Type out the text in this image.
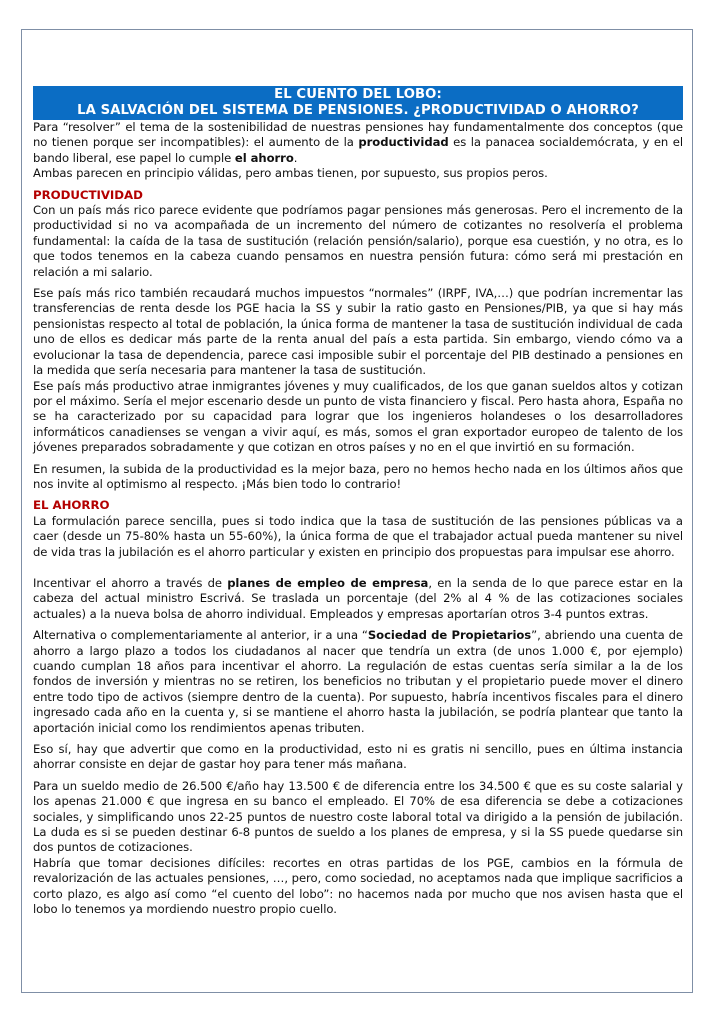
EL CUENTO DEL LOBO:
LA SALVACIÓN DEL SISTEMA DE PENSIONES. ¿PRODUCTIVIDAD O AHORRO?

Para “resolver” el tema de la sostenibilidad de nuestras pensiones hay fundamentalmente dos conceptos (que no tienen porque ser incompatibles): el aumento de la productividad es la panacea socialdemócrata, y en el bando liberal, ese papel lo cumple el ahorro.

Ambas parecen en principio válidas, pero ambas tienen, por supuesto, sus propios peros.

PRODUCTIVIDAD

Con un país más rico parece evidente que podríamos pagar pensiones más generosas. Pero el incremento de la productividad si no va acompañada de un incremento del número de cotizantes no resolvería el problema fundamental: la caída de la tasa de sustitución (relación pensión/salario), porque esa cuestión, y no otra, es lo que todos tenemos en la cabeza cuando pensamos en nuestra pensión futura: cómo será mi prestación en relación a mi salario.

Ese país más rico también recaudará muchos impuestos “normales” (IRPF, IVA,…) que podrían incrementar las transferencias de renta desde los PGE hacia la SS y subir la ratio gasto en Pensiones/PIB, ya que si hay más pensionistas respecto al total de población, la única forma de mantener la tasa de sustitución individual de cada uno de ellos es dedicar más parte de la renta anual del país a esta partida. Sin embargo, viendo cómo va a evolucionar la tasa de dependencia, parece casi imposible subir el porcentaje del PIB destinado a pensiones en la medida que sería necesaria para mantener la tasa de sustitución.

Ese país más productivo atrae inmigrantes jóvenes y muy cualificados, de los que ganan sueldos altos y cotizan por el máximo. Sería el mejor escenario desde un punto de vista financiero y fiscal. Pero hasta ahora, España no se ha caracterizado por su capacidad para lograr que los ingenieros holandeses o los desarrolladores informáticos canadienses se vengan a vivir aquí, es más, somos el gran exportador europeo de talento de los jóvenes preparados sobradamente y que cotizan en otros países y no en el que invirtió en su formación.

En resumen, la subida de la productividad es la mejor baza, pero no hemos hecho nada en los últimos años que nos invite al optimismo al respecto. ¡Más bien todo lo contrario!

EL AHORRO

La formulación parece sencilla, pues si todo indica que la tasa de sustitución de las pensiones públicas va a caer (desde un 75-80% hasta un 55-60%), la única forma de que el trabajador actual pueda mantener su nivel de vida tras la jubilación es el ahorro particular y existen en principio dos propuestas para impulsar ese ahorro.

Incentivar el ahorro a través de planes de empleo de empresa, en la senda de lo que parece estar en la cabeza del actual ministro Escrivá. Se traslada un porcentaje (del 2% al 4 % de las cotizaciones sociales actuales) a la nueva bolsa de ahorro individual. Empleados y empresas aportarían otros 3-4 puntos extras.

Alternativa o complementariamente al anterior, ir a una “Sociedad de Propietarios”, abriendo una cuenta de ahorro a largo plazo a todos los ciudadanos al nacer que tendría un extra (de unos 1.000 €, por ejemplo) cuando cumplan 18 años para incentivar el ahorro. La regulación de estas cuentas sería similar a la de los fondos de inversión y mientras no se retiren, los beneficios no tributan y el propietario puede mover el dinero entre todo tipo de activos (siempre dentro de la cuenta). Por supuesto, habría incentivos fiscales para el dinero ingresado cada año en la cuenta y, si se mantiene el ahorro hasta la jubilación, se podría plantear que tanto la aportación inicial como los rendimientos apenas tributen.

Eso sí, hay que advertir que como en la productividad, esto ni es gratis ni sencillo, pues en última instancia ahorrar consiste en dejar de gastar hoy para tener más mañana.

Para un sueldo medio de 26.500 €/año hay 13.500 € de diferencia entre los 34.500 € que es su coste salarial y los apenas 21.000 € que ingresa en su banco el empleado. El 70% de esa diferencia se debe a cotizaciones sociales, y simplificando unos 22-25 puntos de nuestro coste laboral total va dirigido a la pensión de jubilación. La duda es si se pueden destinar 6-8 puntos de sueldo a los planes de empresa, y si la SS puede quedarse sin dos puntos de cotizaciones.

Habría que tomar decisiones difíciles: recortes en otras partidas de los PGE, cambios en la fórmula de revalorización de las actuales pensiones, …, pero, como sociedad, no aceptamos nada que implique sacrificios a corto plazo, es algo así como “el cuento del lobo”: no hacemos nada por mucho que nos avisen hasta que el lobo lo tenemos ya mordiendo nuestro propio cuello.
